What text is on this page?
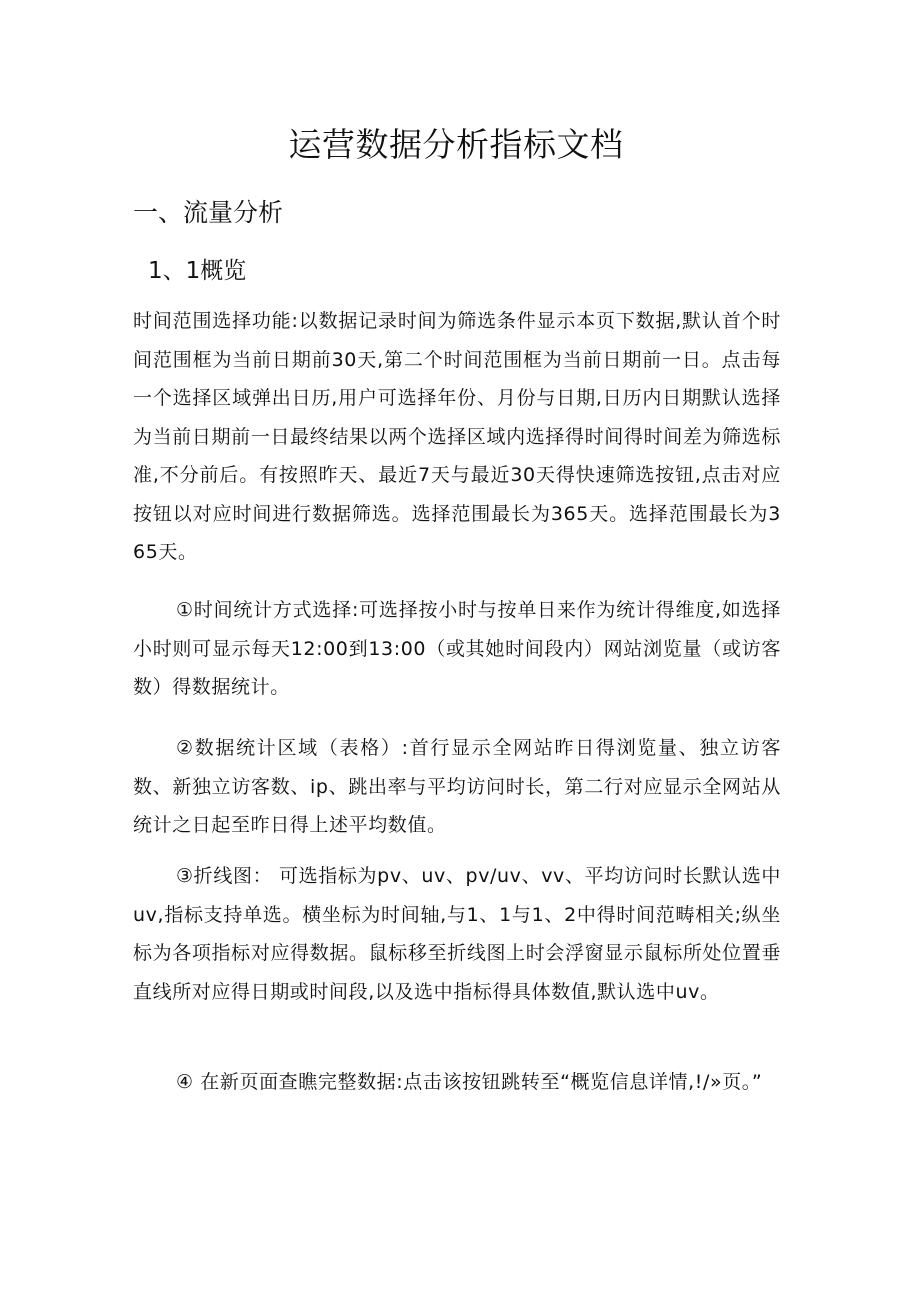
运营数据分析指标文档
一、流量分析
1、1概览

时间范围选择功能:以数据记录时间为筛选条件显示本页下数据,默认首个时间范围框为当前日期前30天,第二个时间范围框为当前日期前一日。点击每一个选择区域弹出日历,用户可选择年份、月份与日期,日历内日期默认选择为当前日期前一日最终结果以两个选择区域内选择得时间得时间差为筛选标准,不分前后。有按照昨天、最近7天与最近30天得快速筛选按钮,点击对应按钮以对应时间进行数据筛选。选择范围最长为365天。选择范围最长为365天。

①时间统计方式选择:可选择按小时与按单日来作为统计得维度,如选择小时则可显示每天12:00到13:00（或其她时间段内）网站浏览量（或访客数）得数据统计。

②数据统计区域（表格）:首行显示全网站昨日得浏览量、独立访客数、新独立访客数、ip、跳出率与平均访问时长，第二行对应显示全网站从统计之日起至昨日得上述平均数值。

③折线图： 可选指标为pv、uv、pv/uv、vv、平均访问时长默认选中uv,指标支持单选。横坐标为时间轴,与1、1与1、2中得时间范畴相关;纵坐标为各项指标对应得数据。鼠标移至折线图上时会浮窗显示鼠标所处位置垂直线所对应得日期或时间段,以及选中指标得具体数值,默认选中uv。

④ 在新页面查瞧完整数据:点击该按钮跳转至“概览信息详情,!/»页。”
